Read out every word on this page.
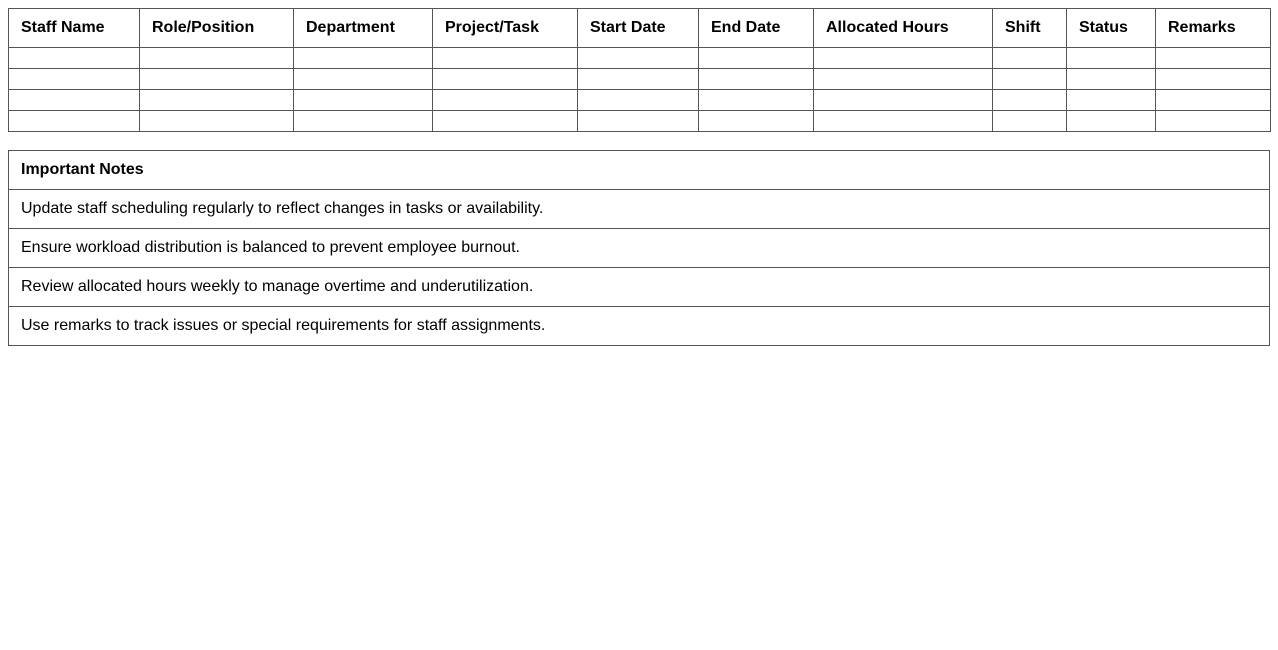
Staff Name	Role/Position	Department	Project/Task	Start Date	End Date	Allocated Hours	Shift	Status	Remarks

Important Notes
Update staff scheduling regularly to reflect changes in tasks or availability.
Ensure workload distribution is balanced to prevent employee burnout.
Review allocated hours weekly to manage overtime and underutilization.
Use remarks to track issues or special requirements for staff assignments.
